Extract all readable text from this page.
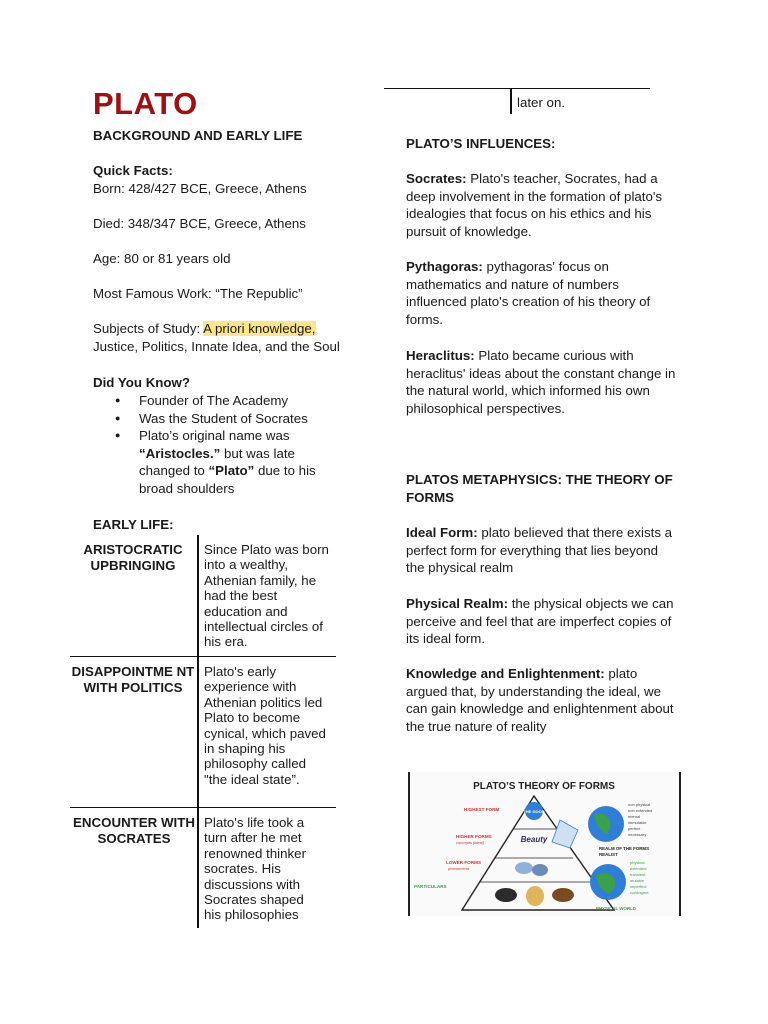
PLATO
BACKGROUND AND EARLY LIFE
Quick Facts:
Born: 428/427 BCE, Greece, Athens
Died: 348/347 BCE, Greece, Athens
Age: 80 or 81 years old
Most Famous Work: “The Republic”
Subjects of Study: A priori knowledge,
Justice, Politics, Innate Idea, and the Soul
Did You Know?
● Founder of The Academy
● Was the Student of Socrates
● Plato’s original name was “Aristocles.” but was late changed to “Plato” due to his broad shoulders
EARLY LIFE:
ARISTOCRATIC UPBRINGING
Since Plato was born into a wealthy, Athenian family, he had the best education and intellectual circles of his era.
DISAPPOINTME NT WITH POLITICS
Plato's early experience with Athenian politics led Plato to become cynical, which paved in shaping his philosophy called "the ideal state”.
ENCOUNTER WITH SOCRATES
Plato's life took a turn after he met renowned thinker socrates. His discussions with Socrates shaped his philosophies
later on.
PLATO’S INFLUENCES:
Socrates: Plato's teacher, Socrates, had a deep involvement in the formation of plato's idealogies that focus on his ethics and his pursuit of knowledge.
Pythagoras: pythagoras' focus on mathematics and nature of numbers influenced plato's creation of his theory of forms.
Heraclitus: Plato became curious with heraclitus' ideas about the constant change in the natural world, which informed his own philosophical perspectives.
PLATOS METAPHYSICS: THE THEORY OF FORMS
Ideal Form: plato believed that there exists a perfect form for everything that lies beyond the physical realm
Physical Realm: the physical objects we can perceive and feel that are imperfect copies of its ideal form.
Knowledge and Enlightenment: plato argued that, by understanding the ideal, we can gain knowledge and enlightenment about the true nature of reality
PLATO’S THEORY OF FORMS
THE GOOD
Beauty
HIGHEST FORM
HIGHER FORMS
concepts [ideal]
LOWER FORMS
phenomena
PARTICULARS
REALM OF THE FORMS
REALIST
PHYSICAL WORLD
non physical
non extended
eternal
immutable
perfect
necessary
physical
extended
transient
mutable
imperfect
contingent
